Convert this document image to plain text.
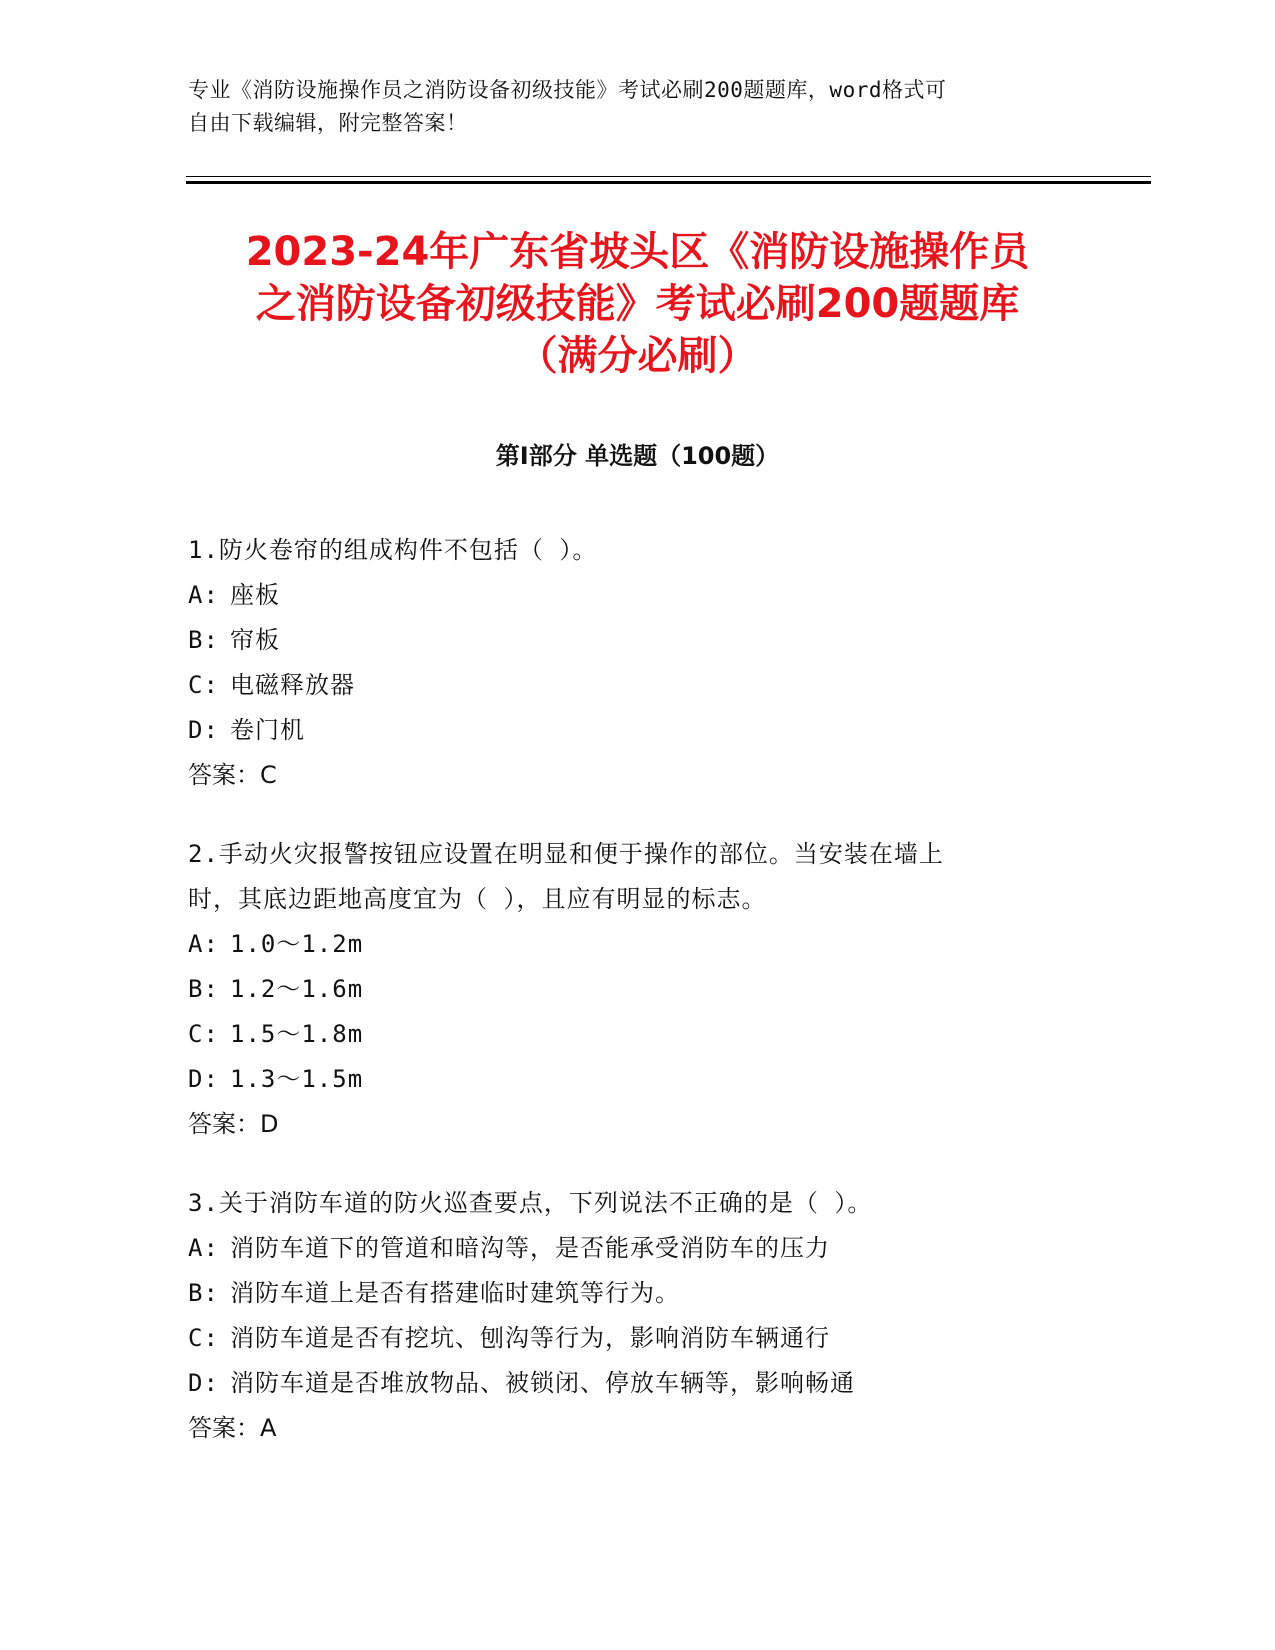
专业《消防设施操作员之消防设备初级技能》考试必刷200题题库，word格式可
自由下载编辑，附完整答案！
2023-24年广东省坡头区《消防设施操作员
之消防设备初级技能》考试必刷200题题库
（满分必刷）
第Ⅰ部分 单选题（100题）
1.防火卷帘的组成构件不包括（ ）。
A: 座板
B: 帘板
C: 电磁释放器
D: 卷门机
答案：C
2.手动火灾报警按钮应设置在明显和便于操作的部位。当安装在墙上
时，其底边距地高度宜为（ ），且应有明显的标志。
A: 1.0～1.2m
B: 1.2～1.6m
C: 1.5～1.8m
D: 1.3～1.5m
答案：D
3.关于消防车道的防火巡查要点，下列说法不正确的是（ ）。
A: 消防车道下的管道和暗沟等，是否能承受消防车的压力
B: 消防车道上是否有搭建临时建筑等行为。
C: 消防车道是否有挖坑、刨沟等行为，影响消防车辆通行
D: 消防车道是否堆放物品、被锁闭、停放车辆等，影响畅通
答案：A
